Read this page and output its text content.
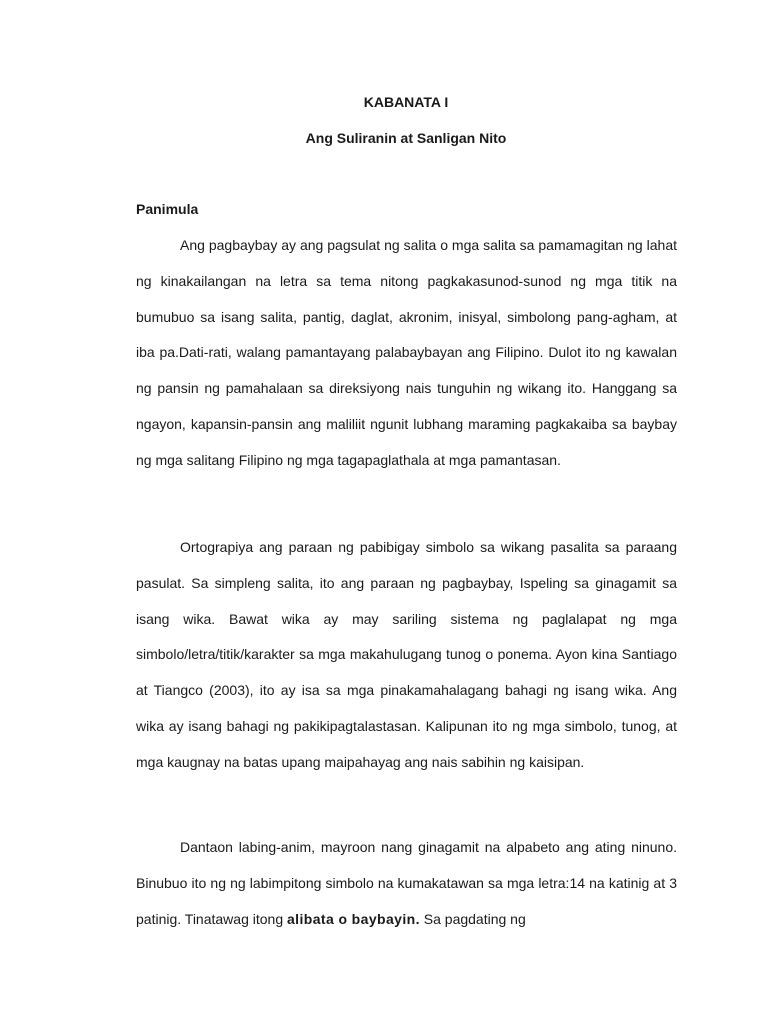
KABANATA I
Ang Suliranin at Sanligan Nito
Panimula

Ang pagbaybay ay ang pagsulat ng salita o mga salita sa pamamagitan ng lahat ng kinakailangan na letra sa tema nitong pagkakasunod-sunod ng mga titik na bumubuo sa isang salita, pantig, daglat, akronim, inisyal, simbolong pang-agham, at iba pa.Dati-rati, walang pamantayang palabaybayan ang Filipino. Dulot ito ng kawalan ng pansin ng pamahalaan sa direksiyong nais tunguhin ng wikang ito. Hanggang sa ngayon, kapansin-pansin ang maliliit ngunit lubhang maraming pagkakaiba sa baybay ng mga salitang Filipino ng mga tagapaglathala at mga pamantasan.

Ortograpiya ang paraan ng pabibigay simbolo sa wikang pasalita sa paraang pasulat. Sa simpleng salita, ito ang paraan ng pagbaybay, Ispeling sa ginagamit sa isang wika. Bawat wika ay may sariling sistema ng paglalapat ng mga simbolo/letra/titik/karakter sa mga makahulugang tunog o ponema. Ayon kina Santiago at Tiangco (2003), ito ay isa sa mga pinakamahalagang bahagi ng isang wika. Ang wika ay isang bahagi ng pakikipagtalastasan. Kalipunan ito ng mga simbolo, tunog, at mga kaugnay na batas upang maipahayag ang nais sabihin ng kaisipan.

Dantaon labing-anim, mayroon nang ginagamit na alpabeto ang ating ninuno. Binubuo ito ng ng labimpitong simbolo na kumakatawan sa mga letra:14 na katinig at 3 patinig. Tinatawag itong alibata o baybayin. Sa pagdating ng
